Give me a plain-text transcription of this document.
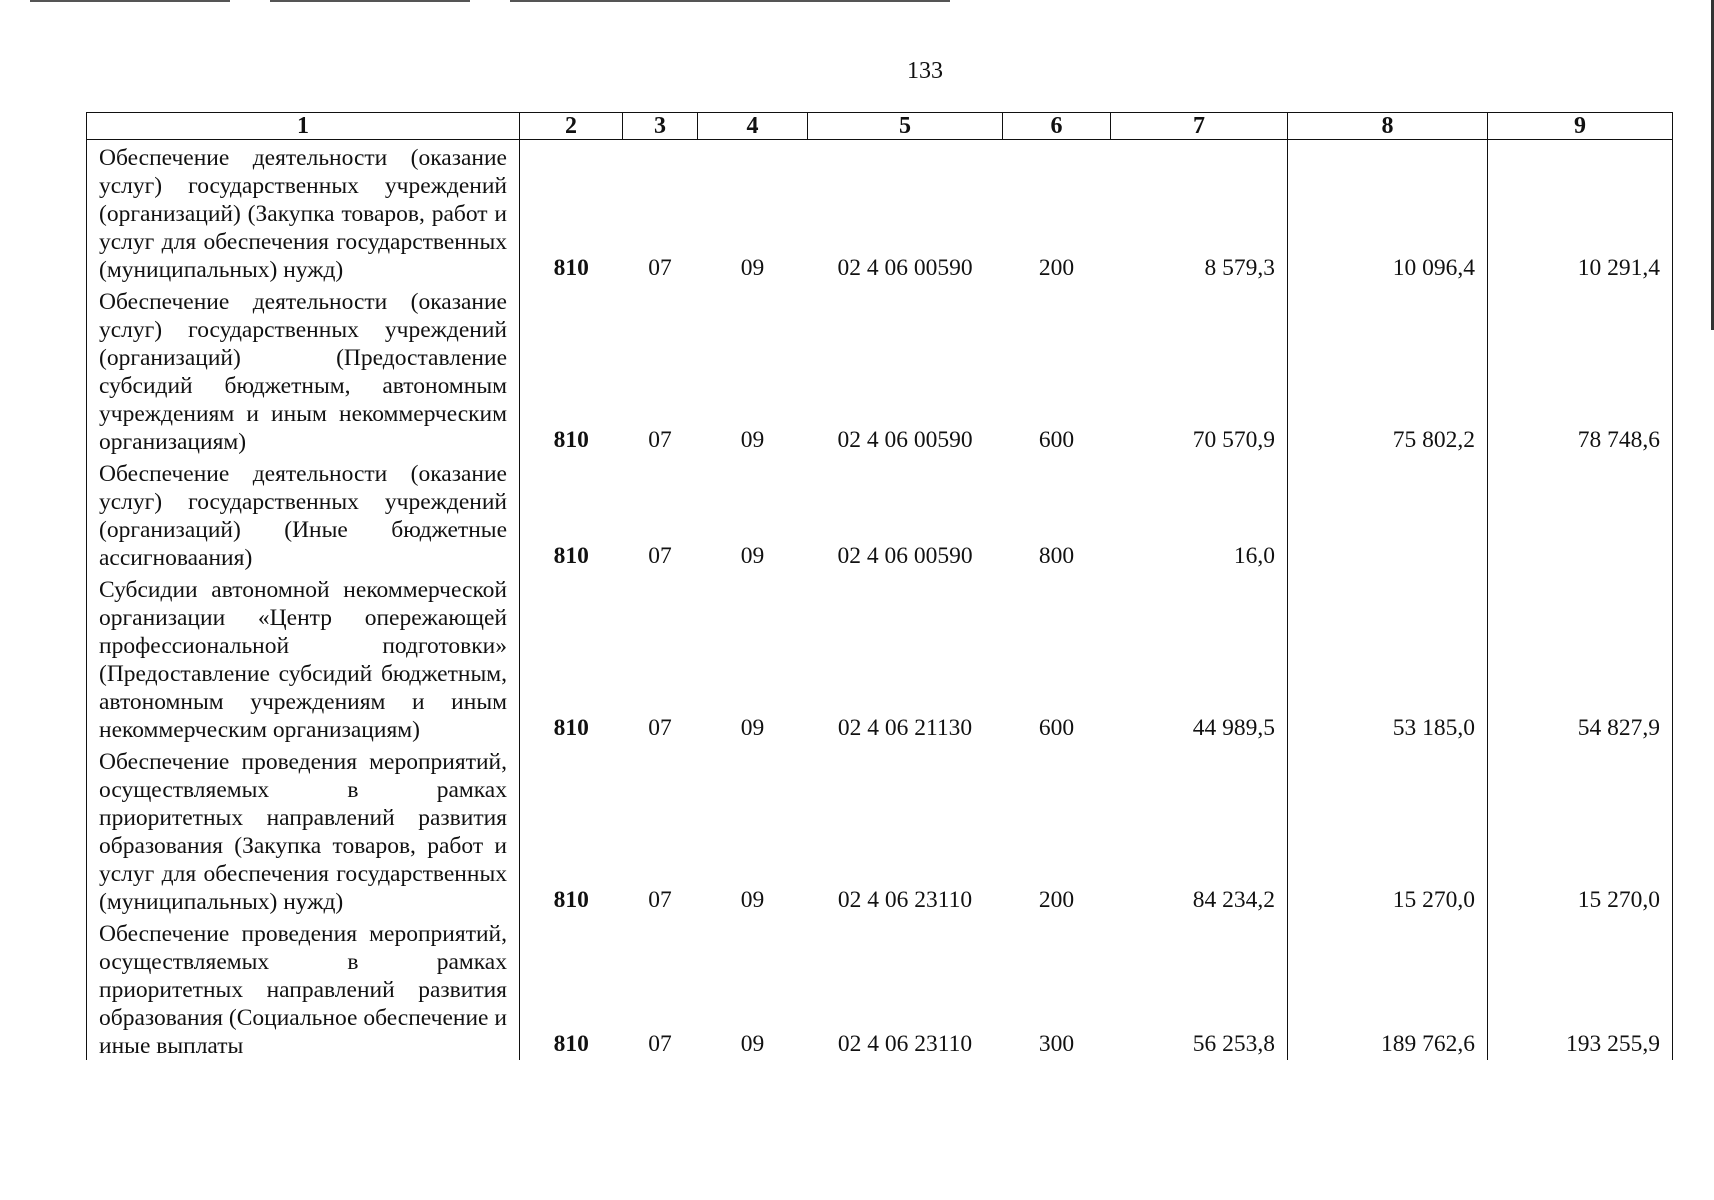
133
1	2	3	4	5	6	7	8	9
Обеспечение деятельности (оказание услуг) государственных учреждений (организаций) (Закупка товаров, работ и услуг для обеспечения государственных (муниципальных) нужд)	810	07	09	02 4 06 00590	200	8 579,3	10 096,4	10 291,4
Обеспечение деятельности (оказание услуг) государственных учреждений (организаций) (Предоставление субсидий бюджетным, автономным учреждениям и иным некоммерческим организациям)	810	07	09	02 4 06 00590	600	70 570,9	75 802,2	78 748,6
Обеспечение деятельности (оказание услуг) государственных учреждений (организаций) (Иные бюджетные ассигноваания)	810	07	09	02 4 06 00590	800	16,0		
Субсидии автономной некоммерческой организации «Центр опережающей профессиональной подготовки» (Предоставление субсидий бюджетным, автономным учреждениям и иным некоммерческим организациям)	810	07	09	02 4 06 21130	600	44 989,5	53 185,0	54 827,9
Обеспечение проведения мероприятий, осуществляемых в рамках приоритетных направлений развития образования (Закупка товаров, работ и услуг для обеспечения государственных (муниципальных) нужд)	810	07	09	02 4 06 23110	200	84 234,2	15 270,0	15 270,0
Обеспечение проведения мероприятий, осуществляемых в рамках приоритетных направлений развития образования (Социальное обеспечение и иные выплаты	810	07	09	02 4 06 23110	300	56 253,8	189 762,6	193 255,9
